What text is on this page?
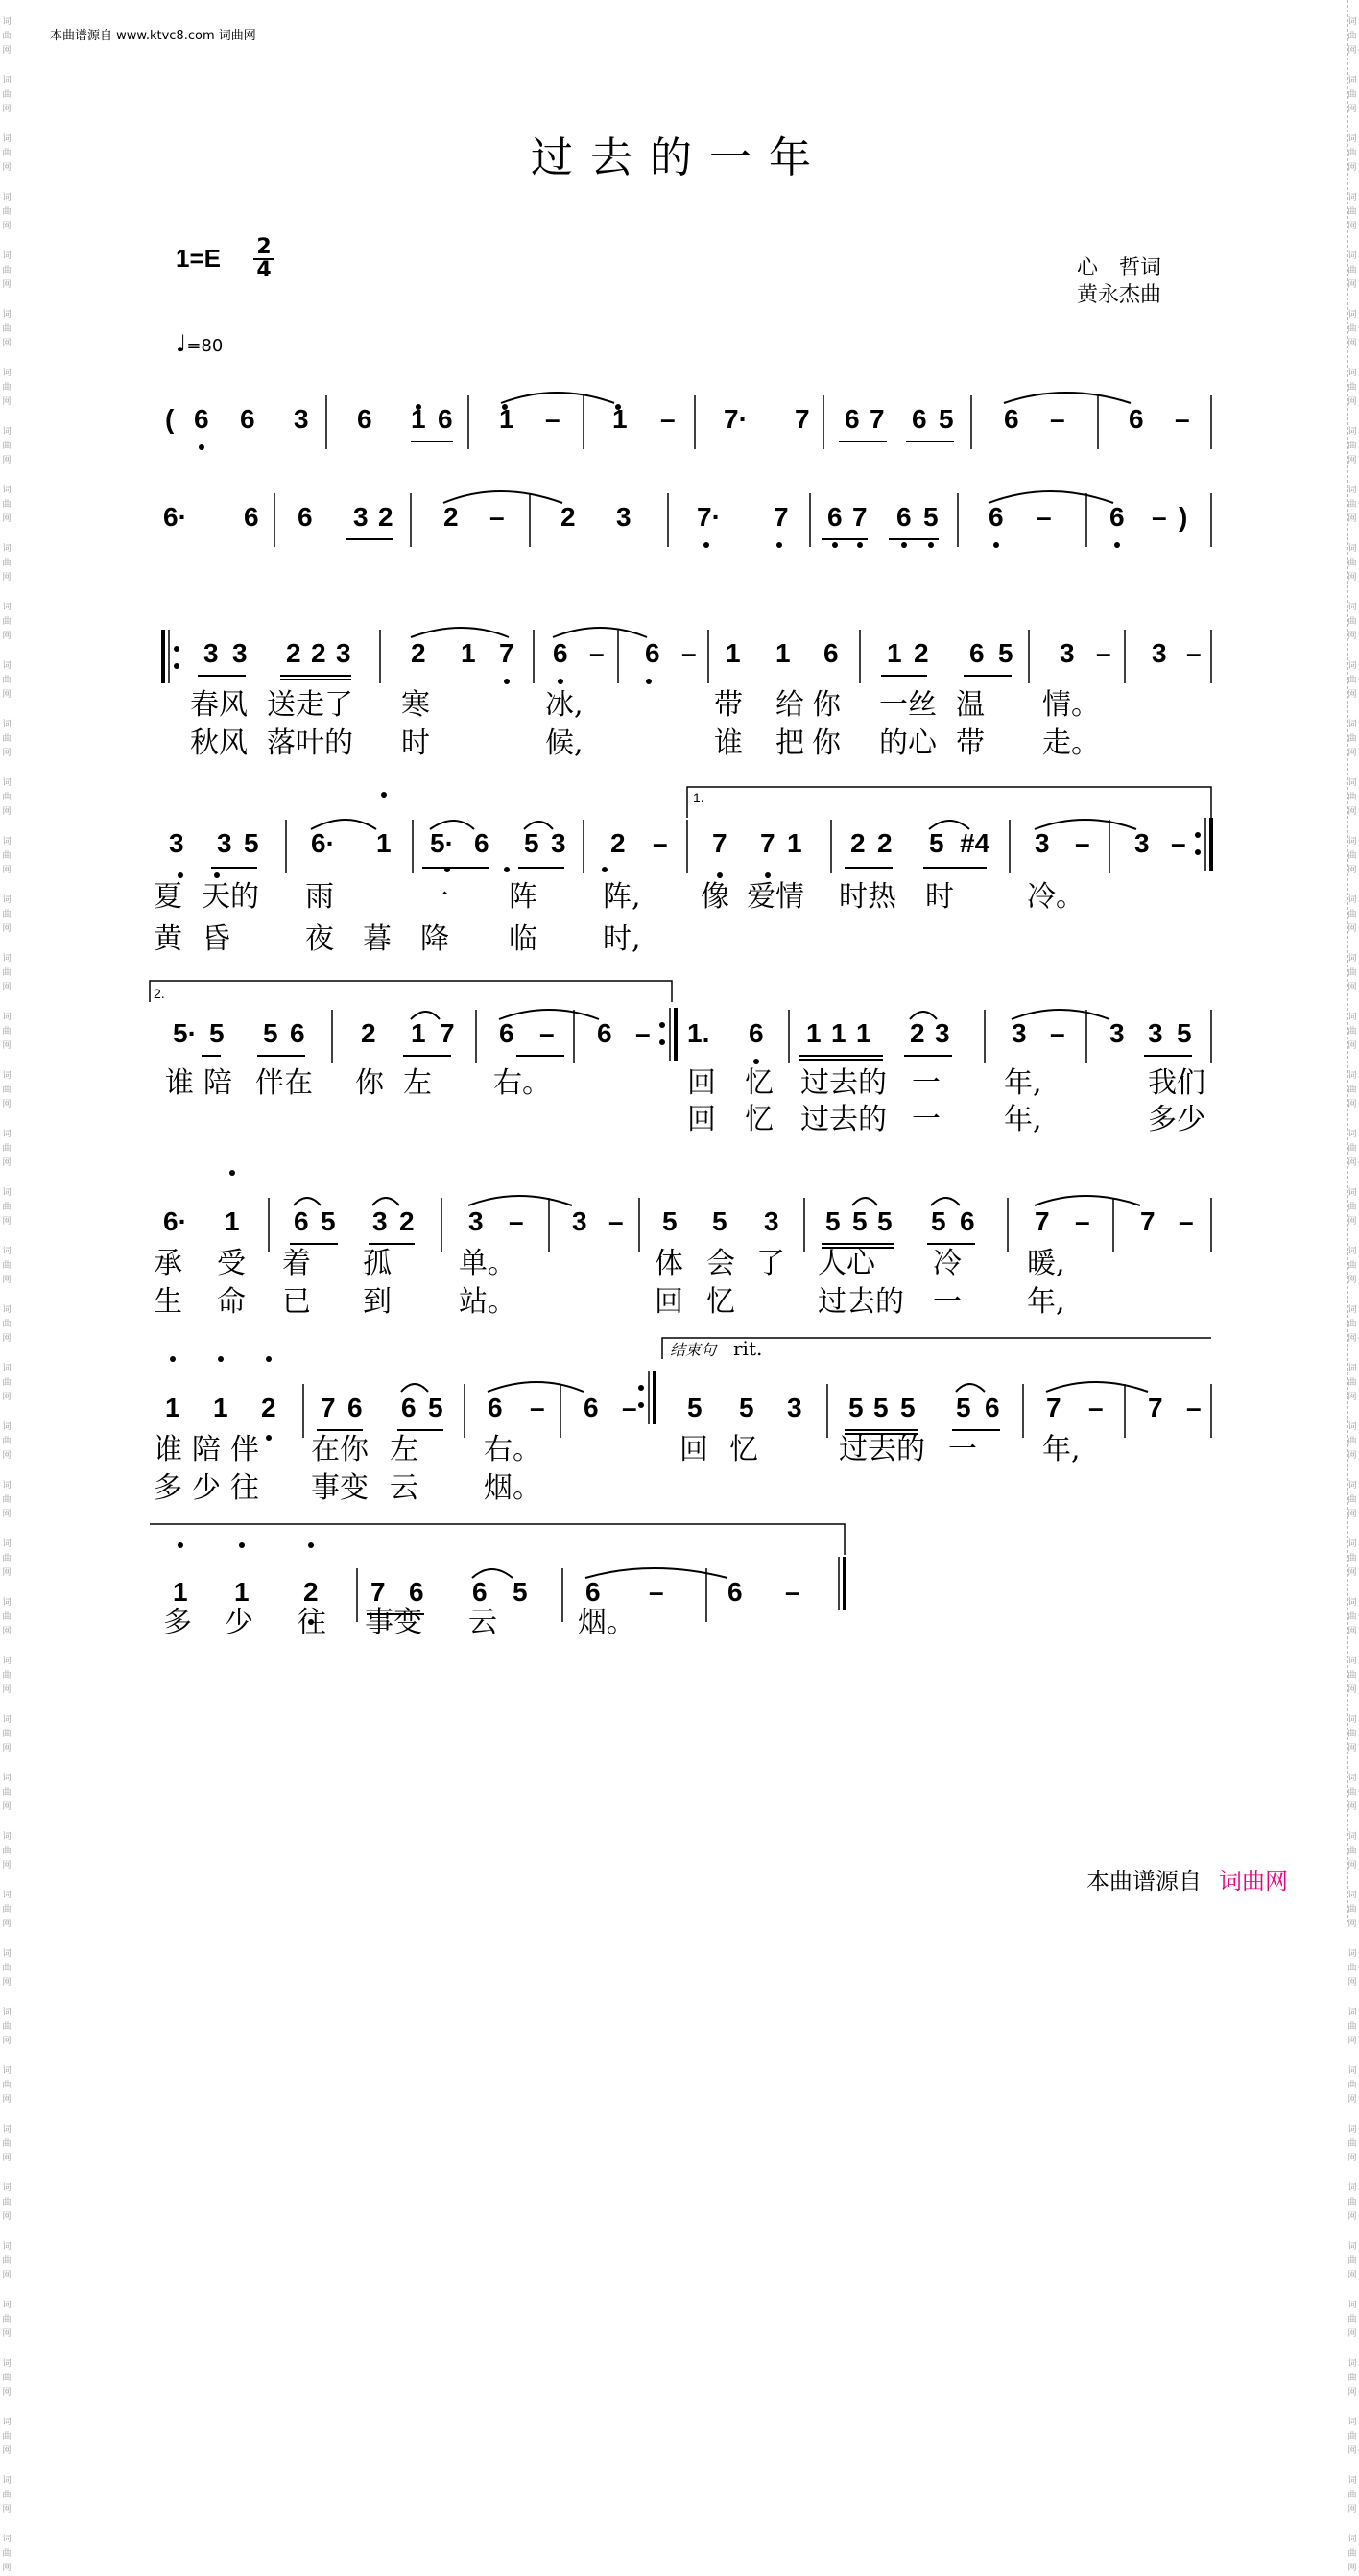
本曲谱源自 www.ktvc8.com 词曲网
词
曲
网
词
曲
网
词
曲
网
词
曲
网
词
曲
网
词
曲
网
词
曲
网
词
曲
网
词
曲
网
词
曲
网
词
曲
网
词
曲
网
词
曲
网
词
曲
网
词
曲
网
词
曲
网
词
曲
网
词
曲
网
词
曲
网
词
曲
网
词
曲
网
词
曲
网
词
曲
网
词
曲
网
词
曲
网
词
曲
网
词
曲
网
词
曲
网
词
曲
网
词
曲
网
词
曲
网
词
曲
网
词
曲
网
词
曲
网
词
曲
网
词
曲
网
词
曲
网
词
曲
网
词
曲
网
词
曲
网
词
曲
网
词
曲
网
词
曲
网
词
曲
网
词
曲
网
词
曲
网
词
曲
网
词
曲
网
词
曲
网
词
曲
网
词
曲
网
词
曲
网
词
曲
网
词
曲
网
词
曲
网
词
曲
网
词
曲
网
词
曲
网
词
曲
网
词
曲
网
词
曲
网
词
曲
网
词
曲
网
词
曲
网
词
曲
网
词
曲
网
词
曲
网
词
曲
网
词
曲
网
词
曲
网
词
曲
网
词
曲
网
词
曲
网
词
曲
网
词
曲
网
词
曲
网
词
曲
网
词
曲
网
词
曲
网
词
曲
网
词
曲
网
词
曲
网
词
曲
网
词
曲
网
词
曲
网
词
曲
网
词
曲
网
词
曲
网
过去的一年
1=E 2
4	心　哲词
黄永杰曲
♩=80
1.
2.
结束句 rit.
( 6 6 3 6 1 6 1 – 1 – 7· 7 6 7 6 5 6 – 6 –
6· 6 6 3 2 2 – 2 3 7· 7 6 7 6 5 6 – 6 – )
3 3 2 2 3 2 1 7 6 – 6 – 1 1 6 1 2 6 5 3 – 3 –
3 3 5 6· 1 5· 6 5 3 2 – 7 7 1 2 2 5 #4 3 – 3 –
5· 5 5 6 2 1 7 6 – 6 – 1. 6 1 1 1 2 3 3 – 3 3 5
6· 1 6 5 3 2 3 – 3 – 5 5 3 5 5 5 5 6 7 – 7 –
1 1 2 7 6 6 5 6 – 6 – 5 5 3 5 5 5 5 6 7 – 7 –
1 1 2 7 6 6 5 6 – 6 –
春风 送走了 寒	冰,	带 给 你 一丝 温 情。
秋风 落叶的 时	候,	谁 把 你 的心 带 走。
夏 天的 雨	一 阵 阵, 像 爱情 时热 时	冷。
黄 昏	夜 暮 降 临 时,
谁 陪 伴在 你 左 右。	回 忆 过去的 一 年,	我们
回 忆 过去的 一 年,	多少
承 受 着 孤 单。	体 会 了 人心 冷 暖,
生 命 已 到 站。	回 忆	过去的 一 年,
谁 陪 伴 在你 左 右。	回 忆	过去的 一 年,
多 少 往 事变 云 烟。
多 少 往 事变 云	烟。
本曲谱源自 词曲网
